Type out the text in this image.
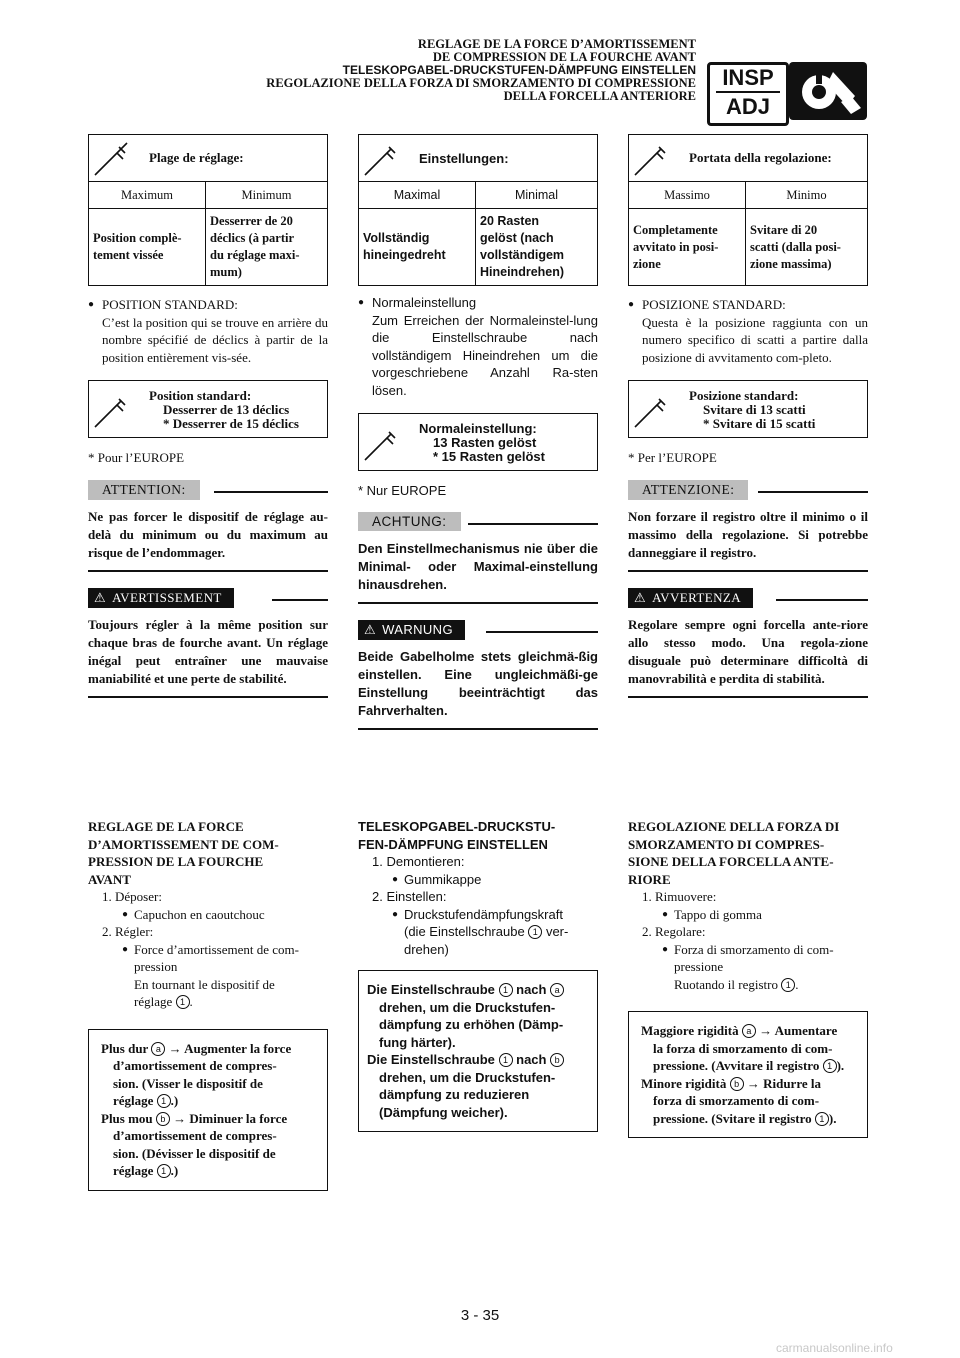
REGLAGE DE LA FORCE D’AMORTISSEMENT
DE COMPRESSION DE LA FOURCHE AVANT
TELESKOPGABEL-DRUCKSTUFEN-DÄMPFUNG EINSTELLEN
REGOLAZIONE DELLA FORZA DI SMORZAMENTO DI COMPRESSIONE
DELLA FORCELLA ANTERIORE
INSP
ADJ
Plage de réglage:	

Maximum	Minimum
Position complè-
tement vissée	Desserrer de 20
déclics (à partir
du réglage maxi-
mum)
● POSITION STANDARD:
C’est la position qui se trouve en arrière du nombre spécifié de déclics à partir de la position entièrement vis-sée.
Position standard:
Desserrer de 13 déclics
* Desserrer de 15 déclics
* Pour l’EUROPE
ATTENTION:
Ne pas forcer le dispositif de réglage au-delà du minimum ou du maximum au risque de l’endommager.
⚠ AVERTISSEMENT
Toujours régler à la même position sur chaque bras de fourche avant. Un réglage inégal peut entraîner une mauvaise maniabilité et une perte de stabilité.
Einstellungen:	

Maximal	Minimal
Vollständig
hineingedreht	20 Rasten
gelöst (nach
vollständigem
Hineindrehen)
● Normaleinstellung
Zum Erreichen der Normaleinstel-lung die Einstellschraube nach vollständigem Hineindrehen um die vorgeschriebene Anzahl Ra-sten lösen.
Normaleinstellung:
13 Rasten gelöst
* 15 Rasten gelöst
* Nur EUROPE
ACHTUNG:
Den Einstellmechanismus nie über die Minimal- oder Maximal-einstellung hinausdrehen.
⚠ WARNUNG
Beide Gabelholme stets gleichmä-ßig einstellen. Eine ungleichmäßi-ge Einstellung beeinträchtigt das Fahrverhalten.
Portata della regolazione:	

Massimo	Minimo
Completamente
avvitato in posi-
zione	Svitare di 20
scatti (dalla posi-
zione massima)
● POSIZIONE STANDARD:
Questa è la posizione raggiunta con un numero specifico di scatti a partire dalla posizione di avvitamento com-pleto.
Posizione standard:
Svitare di 13 scatti
* Svitare di 15 scatti
* Per l’EUROPE
ATTENZIONE:
Non forzare il registro oltre il minimo o il massimo della regolazione. Si potrebbe danneggiare il registro.
⚠ AVVERTENZA
Regolare sempre ogni forcella ante-riore allo stesso modo. Una regola-zione disuguale può determinare difficoltà di manovrabilità e perdita di stabilità.
REGLAGE DE LA FORCE
D’AMORTISSEMENT DE COM-
PRESSION DE LA FOURCHE
AVANT
1. Déposer:
● Capuchon en caoutchouc
2. Régler:
● Force d’amortissement de com-
pression
En tournant le dispositif de
réglage 1 .
Plus dur a → Augmenter la force
d’amortissement de compres-
sion. (Visser le dispositif de
réglage 1 .)
Plus mou b → Diminuer la force
d’amortissement de compres-
sion. (Dévisser le dispositif de
réglage 1 .)
TELESKOPGABEL-DRUCKSTU-
FEN-DÄMPFUNG EINSTELLEN
1. Demontieren:
● Gummikappe
2. Einstellen:
● Druckstufendämpfungskraft
(die Einstellschraube 1 ver-
drehen)
Die Einstellschraube 1 nach a
drehen, um die Druckstufen-
dämpfung zu erhöhen (Dämp-
fung härter).
Die Einstellschraube 1 nach b
drehen, um die Druckstufen-
dämpfung zu reduzieren
(Dämpfung weicher).
REGOLAZIONE DELLA FORZA DI
SMORZAMENTO DI COMPRES-
SIONE DELLA FORCELLA ANTE-
RIORE
1. Rimuovere:
● Tappo di gomma
2. Regolare:
● Forza di smorzamento di com-
pressione
Ruotando il registro 1 .
Maggiore rigidità a → Aumentare
la forza di smorzamento di com-
pressione. (Avvitare il registro 1 ).
Minore rigidità b → Ridurre la
forza di smorzamento di com-
pressione. (Svitare il registro 1 ).
3 - 35
carmanualsonline.info
